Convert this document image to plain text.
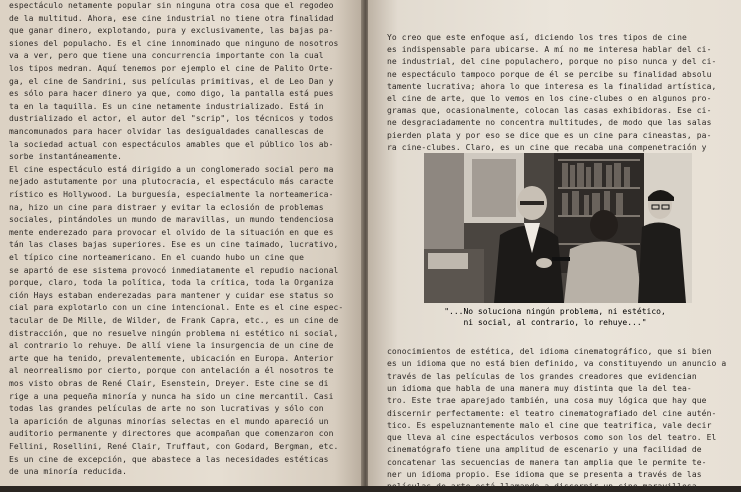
espectáculo netamente popular sin ninguna otra cosa que el regodeo
de la multitud. Ahora, ese cine industrial no tiene otra finalidad
que ganar dinero, explotando, pura y exclusivamente, las bajas pa-
siones del populacho. Es el cine innominado que ninguno de nosotros
va a ver, pero que tiene una concurrencia importante con la cual
los tipos medran. Aquí tenemos por ejemplo el cine de Palito Orte-
ga, el cine de Sandrini, sus películas primitivas, el de Leo Dan y
es sólo para hacer dinero ya que, como digo, la pantalla está pues
ta en la taquilla. Es un cine netamente industrializado. Está in
dustrializado el actor, el autor del "scrip", los técnicos y todos
mancomunados para hacer olvidar las desigualdades canallescas de
la sociedad actual con espectáculos amables que el público los ab-
sorbe instantáneamente.
El cine espectáculo está dirigido a un conglomerado social pero ma
nejado astutamente por una plutocracia, el espectáculo más caracte
rístico es Hollywood. La burguesía, especialmente la norteamerica-
na, hizo un cine para distraer y evitar la eclosión de problemas
sociales, pintándoles un mundo de maravillas, un mundo tendenciosa
mente enderezado para provocar el olvido de la situación en que es
tán las clases bajas superiores. Ese es un cine taimado, lucrativo,
el típico cine norteamericano. En el cuando hubo un cine que
se apartó de ese sistema provocó inmediatamente el repudio nacional
porque, claro, toda la política, toda la crítica, toda la Organiza
ción Hays estaban enderezadas para mantener y cuidar ese status so
cial para explotarlo con un cine intencional. Ente es el cine espec-
tacular de De Mille, de Wilder, de Frank Capra, etc., es un cine de
distracción, que no resuelve ningún problema ni estético ni social,
al contrario lo rehuye. De allí viene la insurgencia de un cine de
arte que ha tenido, prevalentemente, ubicación en Europa. Anterior
al neorrealismo por cierto, porque con antelación a él nosotros te
mos visto obras de René Clair, Esenstein, Dreyer. Este cine se di
rige a una pequeña minoría y nunca ha sido un cine mercantil. Casi
todas las grandes películas de arte no son lucrativas y sólo con
la aparición de algunas minorías selectas en el mundo apareció un
auditorio permanente y directores que acompañan que comenzaron con
Fellini, Rosellini, René Clair, Truffaut, con Godard, Bergman, etc.
Es un cine de excepción, que abastece a las necesidades estéticas
de una minoría reducida.
Yo creo que este enfoque así, diciendo los tres tipos de cine
es indispensable para ubicarse. A mí no me interesa hablar del ci-
ne industrial, del cine populachero, porque no piso nunca y del ci-
ne espectáculo tampoco porque de él se percibe su finalidad absolu
tamente lucrativa; ahora lo que interesa es la finalidad artística,
el cine de arte, que lo vemos en los cine-clubes o en algunos pro-
gramas que, ocasionalmente, colocan las casas exhibidoras. Ese ci-
ne desgraciadamente no concentra multitudes, de modo que las salas
pierden plata y por eso se dice que es un cine para cineastas, pa-
ra cine-clubes. Claro, es un cine que recaba una compenetración y
conocimientos de estética, del idioma cinematográfico, que si bien
es un idioma que no está bien definido, va constituyendo un anuncio a
través de las películas de los grandes creadores que evidencian
un idioma que habla de una manera muy distinta que la del tea-
tro. Este trae aparejado también, una cosa muy lógica que hay que
discernir perfectamente: el teatro cinematografiado del cine autén-
tico. Es espeluznantemente malo el cine que teatrifica, vale decir
que lleva al cine espectáculos verbosos como son los del teatro. El
cinematógrafo tiene una amplitud de escenario y una facilidad de
concatenar las secuencias de manera tan amplia que le permite te-
ner un idioma propio. Ese idioma que se presenta a través de las
películas de arte está llamando a discernir un cine maravillosa
"...No soluciona ningún problema, ni estético,
ni social, al contrario, lo rehuye..."
